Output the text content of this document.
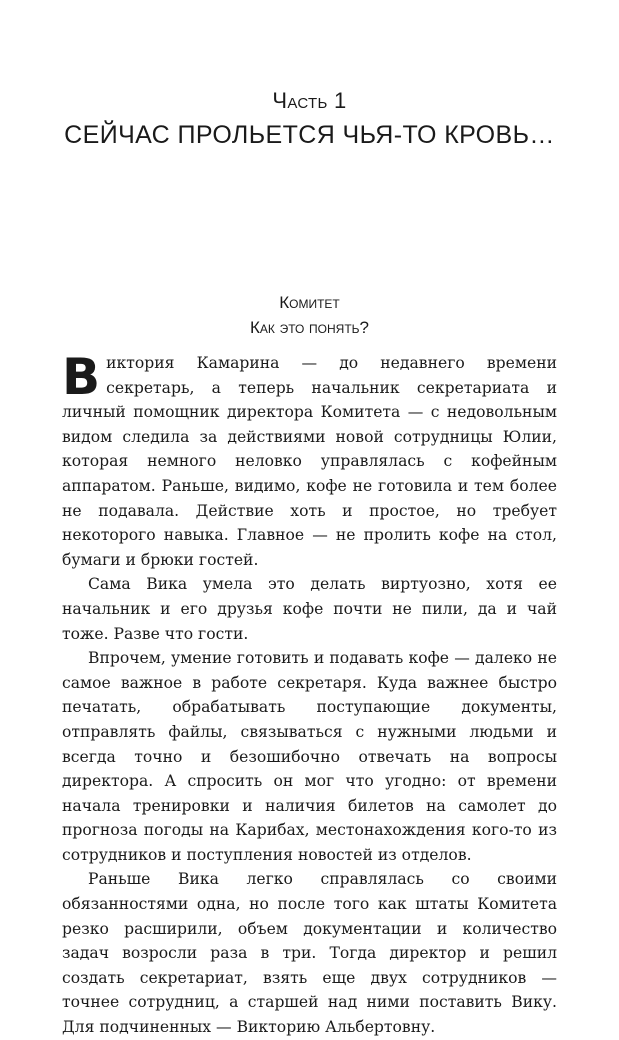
Часть 1
СЕЙЧАС ПРОЛЬЕТСЯ ЧЬЯ-ТО КРОВЬ…
Комитет
Как это понять?

Виктория Камарина — до недавнего времени секретарь, а теперь начальник секретариата и личный помощник директора Комитета — с недовольным видом следила за действиями новой сотрудницы Юлии, которая немного неловко управлялась с кофейным аппаратом. Раньше, видимо, кофе не готовила и тем более не подавала. Действие хоть и простое, но требует некоторого навыка. Главное — не пролить кофе на стол, бумаги и брюки гостей.

Сама Вика умела это делать виртуозно, хотя ее начальник и его друзья кофе почти не пили, да и чай тоже. Разве что гости.

Впрочем, умение готовить и подавать кофе — далеко не самое важное в работе секретаря. Куда важнее быстро печатать, обрабатывать поступающие документы, отправлять файлы, связываться с нужными людьми и всегда точно и безошибочно отвечать на вопросы директора. А спросить он мог что угодно: от времени начала тренировки и наличия билетов на самолет до прогноза погоды на Карибах, местонахождения кого-то из сотрудников и поступления новостей из отделов.

Раньше Вика легко справлялась со своими обязанностями одна, но после того как штаты Комитета резко расширили, объем документации и количество задач возросли раза в три. Тогда директор и решил создать секретариат, взять еще двух сотрудников — точнее сотрудниц, а старшей над ними поставить Вику. Для подчиненных — Викторию Альбертовну.
